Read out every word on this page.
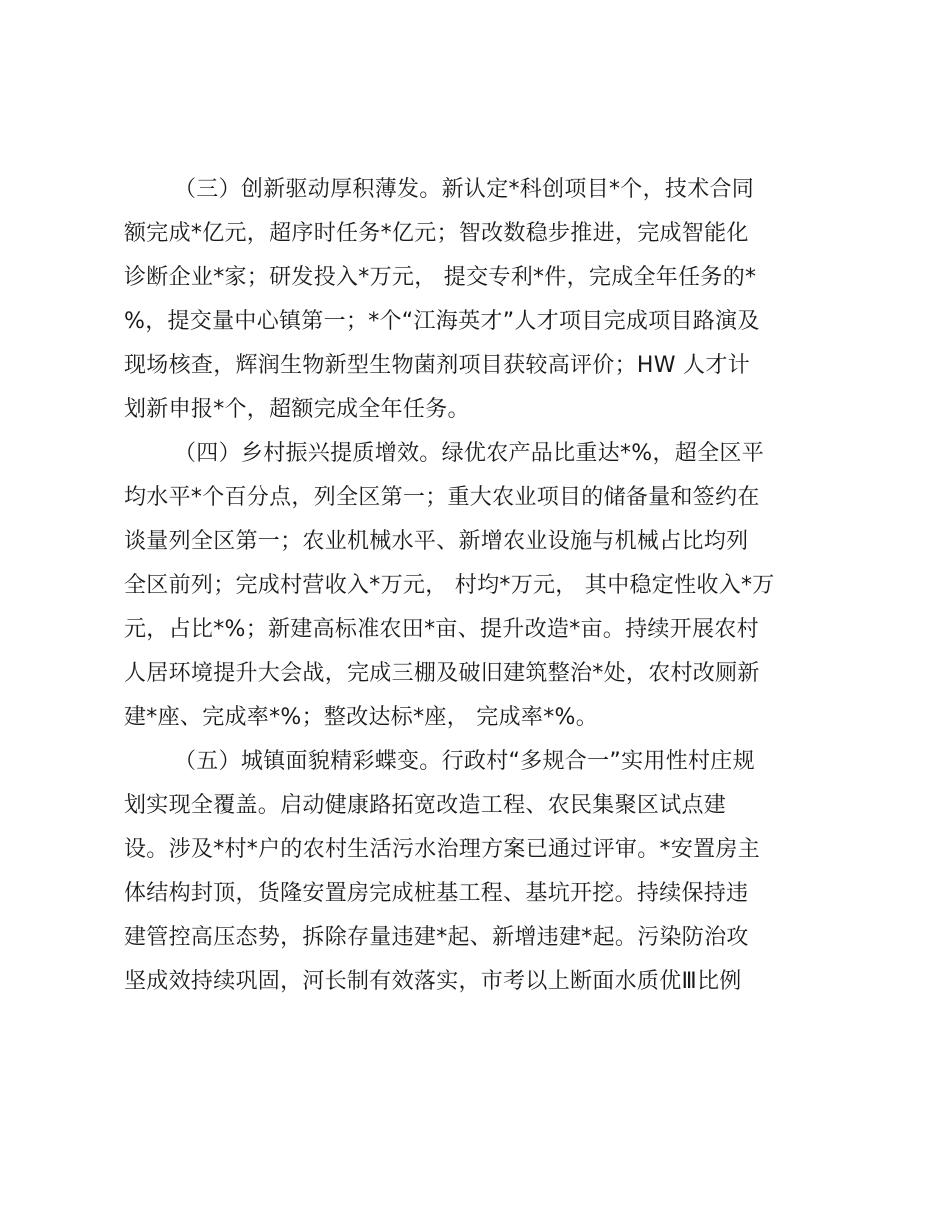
（三）创新驱动厚积薄发。新认定*科创项目*个，技术合同
额完成*亿元，超序时任务*亿元；智改数稳步推进，完成智能化
诊断企业*家；研发投入*万元， 提交专利*件，完成全年任务的*
%，提交量中心镇第一；*个“江海英才”人才项目完成项目路演及
现场核查，辉润生物新型生物菌剂项目获较高评价；HW 人才计
划新申报*个，超额完成全年任务。
（四）乡村振兴提质增效。绿优农产品比重达*%，超全区平
均水平*个百分点，列全区第一；重大农业项目的储备量和签约在
谈量列全区第一；农业机械水平、新增农业设施与机械占比均列
全区前列；完成村营收入*万元， 村均*万元， 其中稳定性收入*万
元，占比*%；新建高标准农田*亩、提升改造*亩。持续开展农村
人居环境提升大会战，完成三棚及破旧建筑整治*处，农村改厕新
建*座、完成率*%；整改达标*座， 完成率*%。
（五）城镇面貌精彩蝶变。行政村“多规合一”实用性村庄规
划实现全覆盖。启动健康路拓宽改造工程、农民集聚区试点建
设。涉及*村*户的农村生活污水治理方案已通过评审。*安置房主
体结构封顶，货隆安置房完成桩基工程、基坑开挖。持续保持违
建管控高压态势，拆除存量违建*起、新增违建*起。污染防治攻
坚成效持续巩固，河长制有效落实，市考以上断面水质优Ⅲ比例
